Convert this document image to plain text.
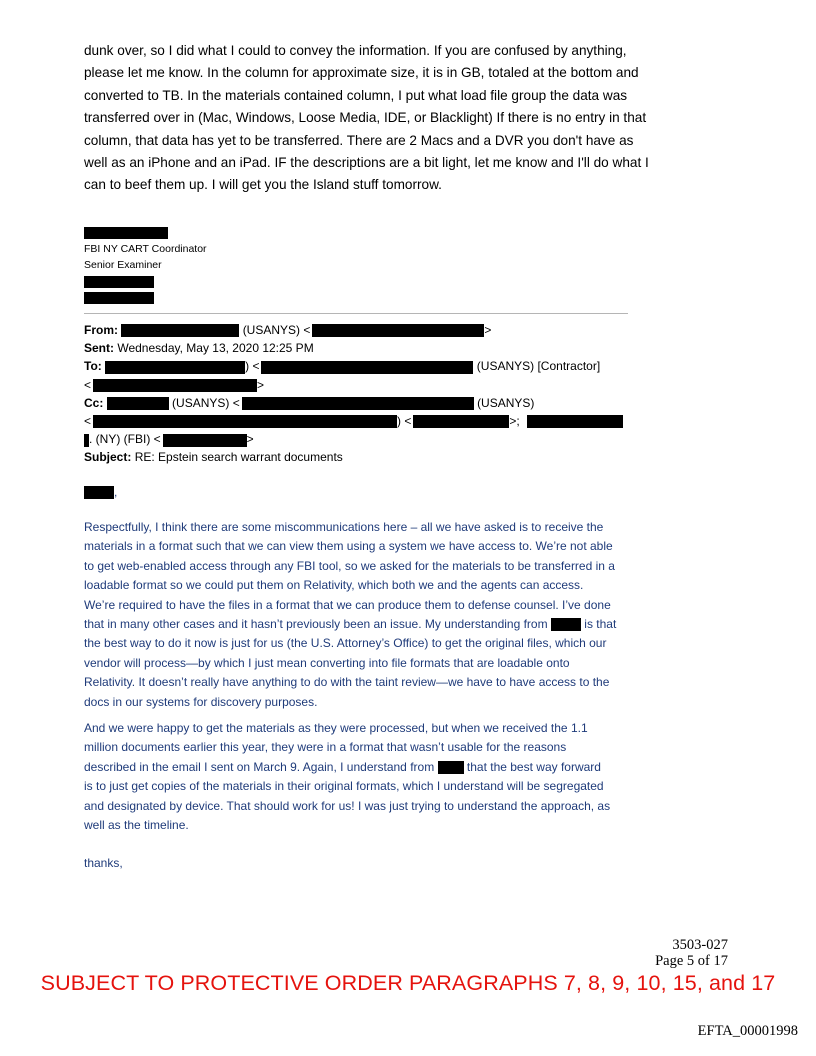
dunk over, so I did what I could to convey the information. If you are confused by anything,
please let me know. In the column for approximate size, it is in GB, totaled at the bottom and
converted to TB. In the materials contained column, I put what load file group the data was
transferred over in (Mac, Windows, Loose Media, IDE, or Blacklight) If there is no entry in that
column, that data has yet to be transferred. There are 2 Macs and a DVR you don't have as
well as an iPhone and an iPad. IF the descriptions are a bit light, let me know and I'll do what I
can to beef them up. I will get you the Island stuff tomorrow.
FBI NY CART Coordinator
Senior Examiner
From:	(USANYS) <	>
Sent: Wednesday, May 13, 2020 12:25 PM
To:	) <	(USANYS) [Contractor]
<	>
Cc:	(USANYS) <	(USANYS)
<	) <	>;
. (NY) (FBI) <	>
Subject: RE: Epstein search warrant documents
,
Respectfully, I think there are some miscommunications here – all we have asked is to receive the
materials in a format such that we can view them using a system we have access to. We’re not able
to get web-enabled access through any FBI tool, so we asked for the materials to be transferred in a
loadable format so we could put them on Relativity, which both we and the agents can access.
We’re required to have the files in a format that we can produce them to defense counsel. I’ve done
that in many other cases and it hasn’t previously been an issue. My understanding from	is that
the best way to do it now is just for us (the U.S. Attorney’s Office) to get the original files, which our
vendor will process—by which I just mean converting into file formats that are loadable onto
Relativity. It doesn’t really have anything to do with the taint review—we have to have access to the
docs in our systems for discovery purposes.
And we were happy to get the materials as they were processed, but when we received the 1.1
million documents earlier this year, they were in a format that wasn’t usable for the reasons
described in the email I sent on March 9. Again, I understand from	that the best way forward
is to just get copies of the materials in their original formats, which I understand will be segregated
and designated by device. That should work for us! I was just trying to understand the approach, as
well as the timeline.
thanks,
3503-027
Page 5 of 17
SUBJECT TO PROTECTIVE ORDER PARAGRAPHS 7, 8, 9, 10, 15, and 17
EFTA_00001998
